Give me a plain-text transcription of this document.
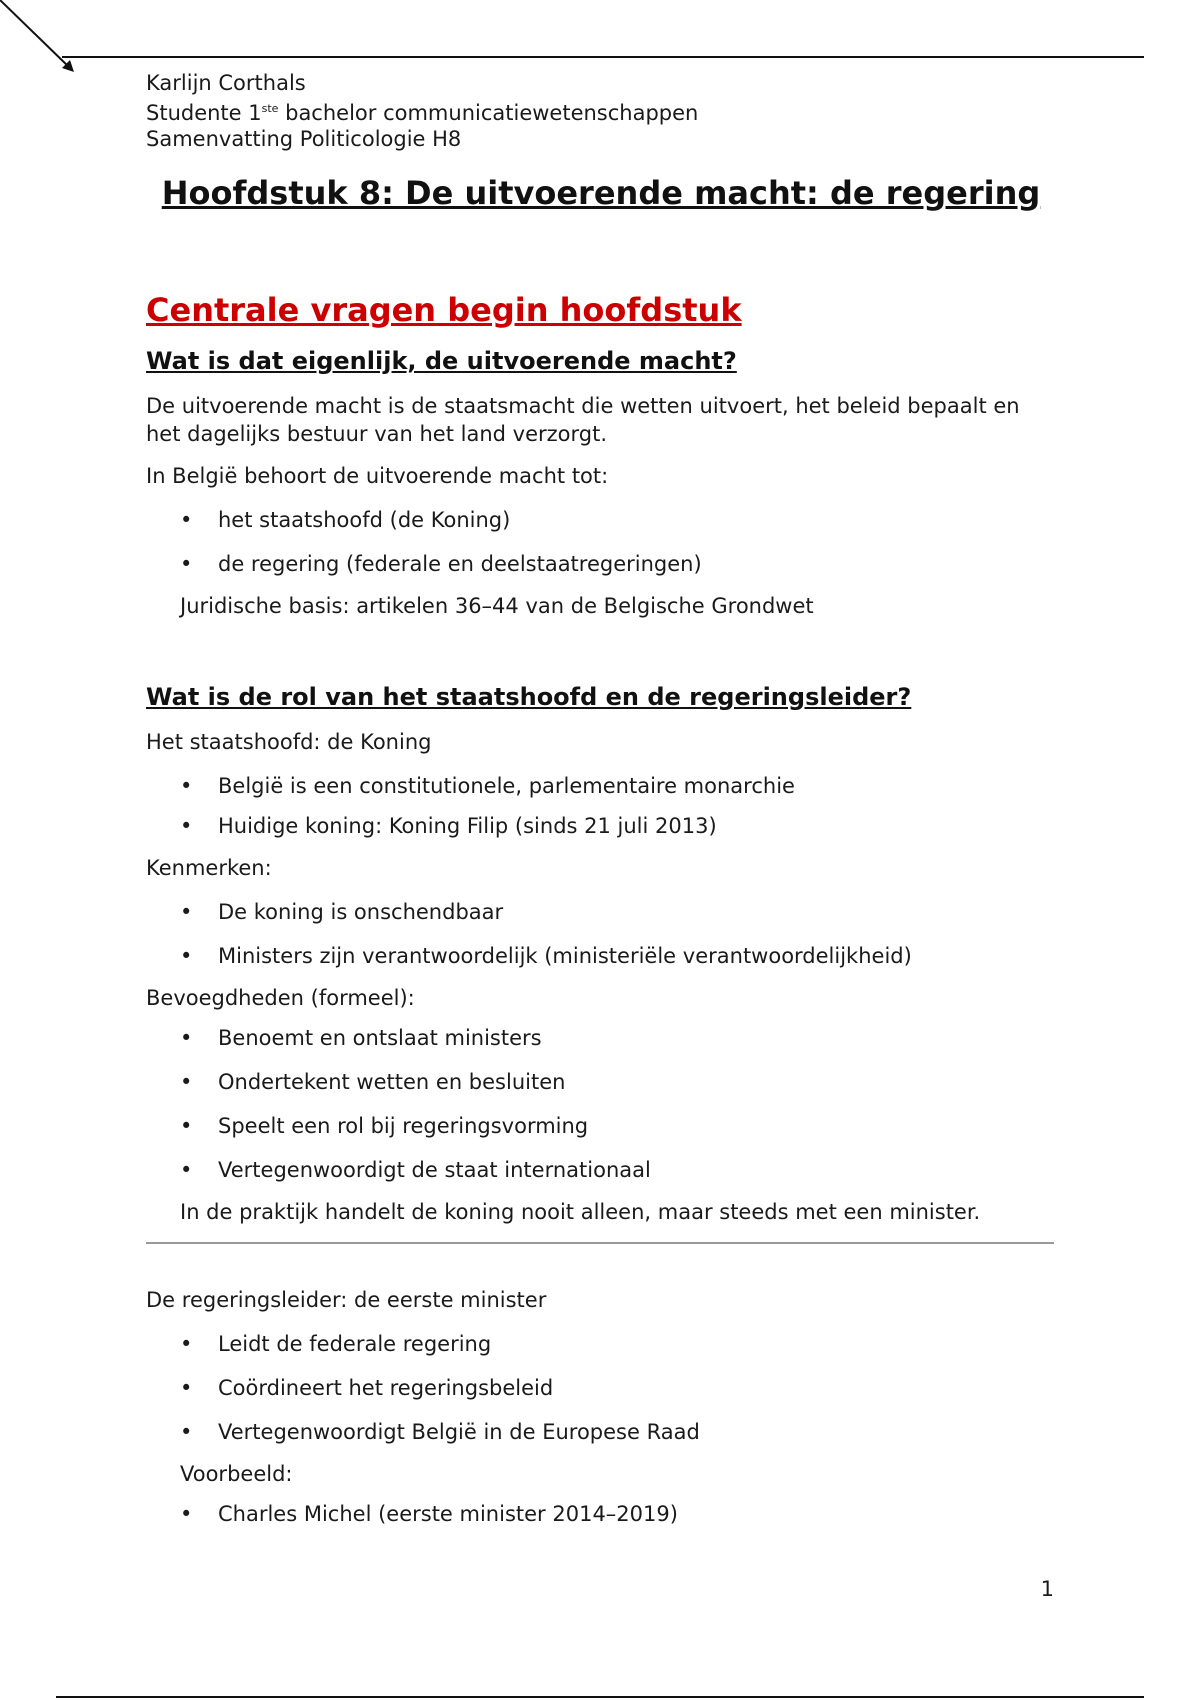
Karlijn Corthals

Studente 1ste bachelor communicatiewetenschappen

Samenvatting Politicologie H8

Hoofdstuk 8: De uitvoerende macht: de regering
Centrale vragen begin hoofdstuk
Wat is dat eigenlijk, de uitvoerende macht?

De uitvoerende macht is de staatsmacht die wetten uitvoert, het beleid bepaalt en het dagelijks bestuur van het land verzorgt.

In België behoort de uitvoerende macht tot:

• het staatshoofd (de Koning)
• de regering (federale en deelstaatregeringen)

Juridische basis: artikelen 36–44 van de Belgische Grondwet

Wat is de rol van het staatshoofd en de regeringsleider?

Het staatshoofd: de Koning

• België is een constitutionele, parlementaire monarchie
• Huidige koning: Koning Filip (sinds 21 juli 2013)

Kenmerken:

• De koning is onschendbaar
• Ministers zijn verantwoordelijk (ministeriële verantwoordelijkheid)

Bevoegdheden (formeel):

• Benoemt en ontslaat ministers
• Ondertekent wetten en besluiten
• Speelt een rol bij regeringsvorming
• Vertegenwoordigt de staat internationaal

In de praktijk handelt de koning nooit alleen, maar steeds met een minister.

De regeringsleider: de eerste minister

• Leidt de federale regering
• Coördineert het regeringsbeleid
• Vertegenwoordigt België in de Europese Raad

Voorbeeld:

• Charles Michel (eerste minister 2014–2019)
1
